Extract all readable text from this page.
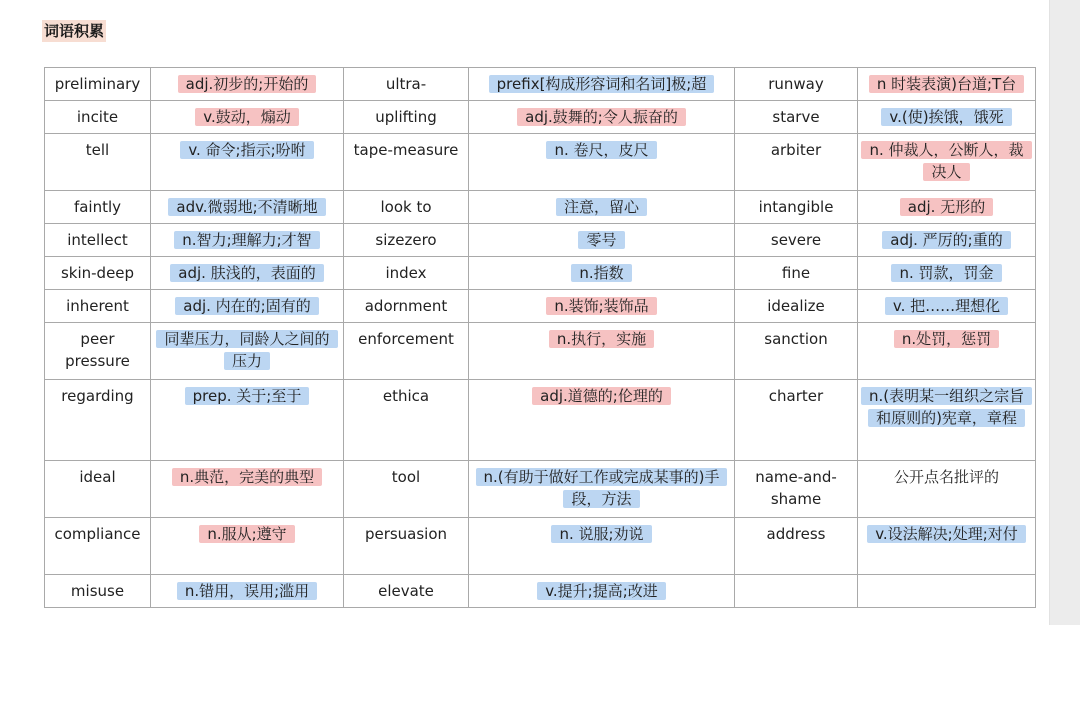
词语积累
preliminary	adj.初步的;开始的	ultra-	prefix[构成形容词和名词]极;超	runway	n 时装表演)台道;T台
incite	v.鼓动，煽动	uplifting	adj.鼓舞的;令人振奋的	starve	v.(使)挨饿，饿死
tell	v. 命令;指示;吩咐	tape-measure	n. 卷尺，皮尺	arbiter	n. 仲裁人，公断人，裁决人
faintly	adv.微弱地;不清晰地	look to	注意，留心	intangible	adj. 无形的
intellect	n.智力;理解力;才智	sizezero	零号	severe	adj. 严厉的;重的
skin-deep	adj. 肤浅的，表面的	index	n.指数	fine	n. 罚款，罚金
inherent	adj. 内在的;固有的	adornment	n.装饰;装饰品	idealize	v. 把……理想化
peer pressure	同辈压力，同龄人之间的压力	enforcement	n.执行，实施	sanction	n.处罚，惩罚
regarding	prep. 关于;至于	ethica	adj.道德的;伦理的	charter	n.(表明某一组织之宗旨和原则的)宪章，章程
ideal	n.典范，完美的典型	tool	n.(有助于做好工作或完成某事的)手段，方法	name-and-shame	公开点名批评的
compliance	n.服从;遵守	persuasion	n. 说服;劝说	address	v.设法解决;处理;对付
misuse	n.错用，误用;滥用	elevate	v.提升;提高;改进		
